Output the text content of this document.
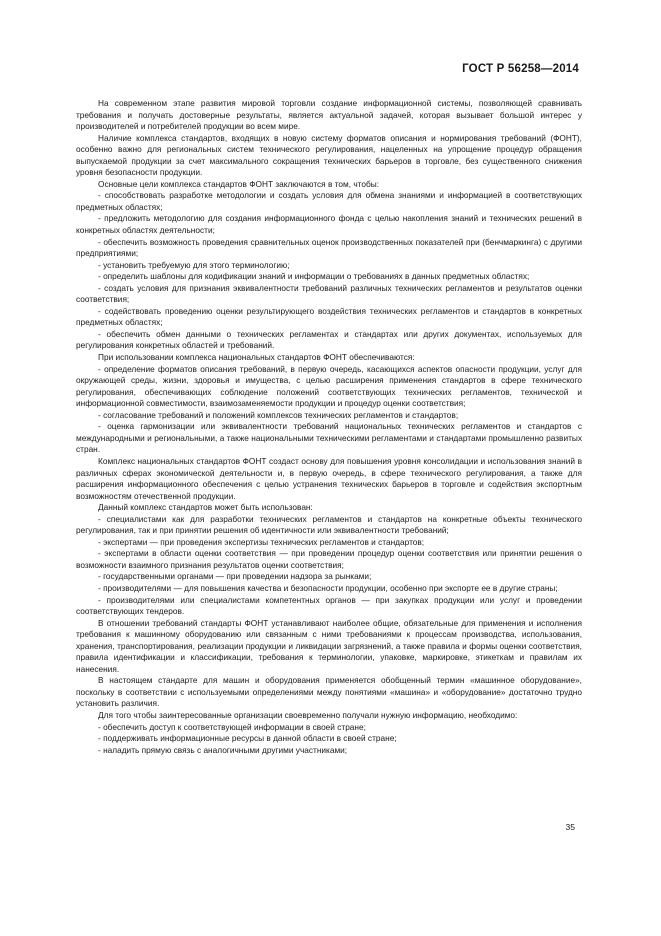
ГОСТ Р 56258—2014

На современном этапе развития мировой торговли создание информационной системы, позволяющей сравнивать требования и получать достоверные результаты, является актуальной задачей, которая вызывает большой интерес у производителей и потребителей продукции во всем мире.

Наличие комплекса стандартов, входящих в новую систему форматов описания и нормирования требований (ФОНТ), особенно важно для региональных систем технического регулирования, нацеленных на упрощение процедур обращения выпускаемой продукции за счет максимального сокращения технических барьеров в торговле, без существенного снижения уровня безопасности продукции.

Основные цели комплекса стандартов ФОНТ заключаются в том, чтобы:

- способствовать разработке методологии и создать условия для обмена знаниями и информацией в соответствующих предметных областях;

- предложить методологию для создания информационного фонда с целью накопления знаний и технических решений в конкретных областях деятельности;

- обеспечить возможность проведения сравнительных оценок производственных показателей при (бенчмаркинга) с другими предприятиями;

- установить требуемую для этого терминологию;

- определить шаблоны для кодификации знаний и информации о требованиях в данных предметных областях;

- создать условия для признания эквивалентности требований различных технических регламентов и результатов оценки соответствия;

- содействовать проведению оценки результирующего воздействия технических регламентов и стандартов в конкретных предметных областях;

- обеспечить обмен данными о технических регламентах и стандартах или других документах, используемых для регулирования конкретных областей и требований.

При использовании комплекса национальных стандартов ФОНТ обеспечиваются:

- определение форматов описания требований, в первую очередь, касающихся аспектов опасности продукции, услуг для окружающей среды, жизни, здоровья и имущества, с целью расширения применения стандартов в сфере технического регулирования, обеспечивающих соблюдение положений соответствующих технических регламентов, технической и информационной совместимости, взаимозаменяемости продукции и процедур оценки соответствия;

- согласование требований и положений комплексов технических регламентов и стандартов;

- оценка гармонизации или эквивалентности требований национальных технических регламентов и стандартов с международными и региональными, а также национальными техническими регламентами и стандартами промышленно развитых стран.

Комплекс национальных стандартов ФОНТ создаст основу для повышения уровня консолидации и использования знаний в различных сферах экономической деятельности и, в первую очередь, в сфере технического регулирования, а также для расширения информационного обеспечения с целью устранения технических барьеров в торговле и содействия экспортным возможностям отечественной продукции.

Данный комплекс стандартов может быть использован:

- специалистами как для разработки технических регламентов и стандартов на конкретные объекты технического регулирования, так и при принятии решения об идентичности или эквивалентности требований;

- экспертами — при проведения экспертизы технических регламентов и стандартов;

- экспертами в области оценки соответствия — при проведении процедур оценки соответствия или принятии решения о возможности взаимного признания результатов оценки соответствия;

- государственными органами — при проведении надзора за рынками;

- производителями — для повышения качества и безопасности продукции, особенно при экспорте ее в другие страны;

- производителями или специалистами компетентных органов — при закупках продукции или услуг и проведении соответствующих тендеров.

В отношении требований стандарты ФОНТ устанавливают наиболее общие, обязательные для применения и исполнения требования к машинному оборудованию или связанным с ними требованиями к процессам производства, использования, хранения, транспортирования, реализации продукции и ликвидации загрязнений, а также правила и формы оценки соответствия, правила идентификации и классификации, требования к терминологии, упаковке, маркировке, этикеткам и правилам их нанесения.

В настоящем стандарте для машин и оборудования применяется обобщенный термин «машинное оборудование», поскольку в соответствии с используемыми определениями между понятиями «машина» и «оборудование» достаточно трудно установить различия.

Для того чтобы заинтересованные организации своевременно получали нужную информацию, необходимо:

- обеспечить доступ к соответствующей информации в своей стране;

- поддерживать информационные ресурсы в данной области в своей стране;

- наладить прямую связь с аналогичными другими участниками;

35
